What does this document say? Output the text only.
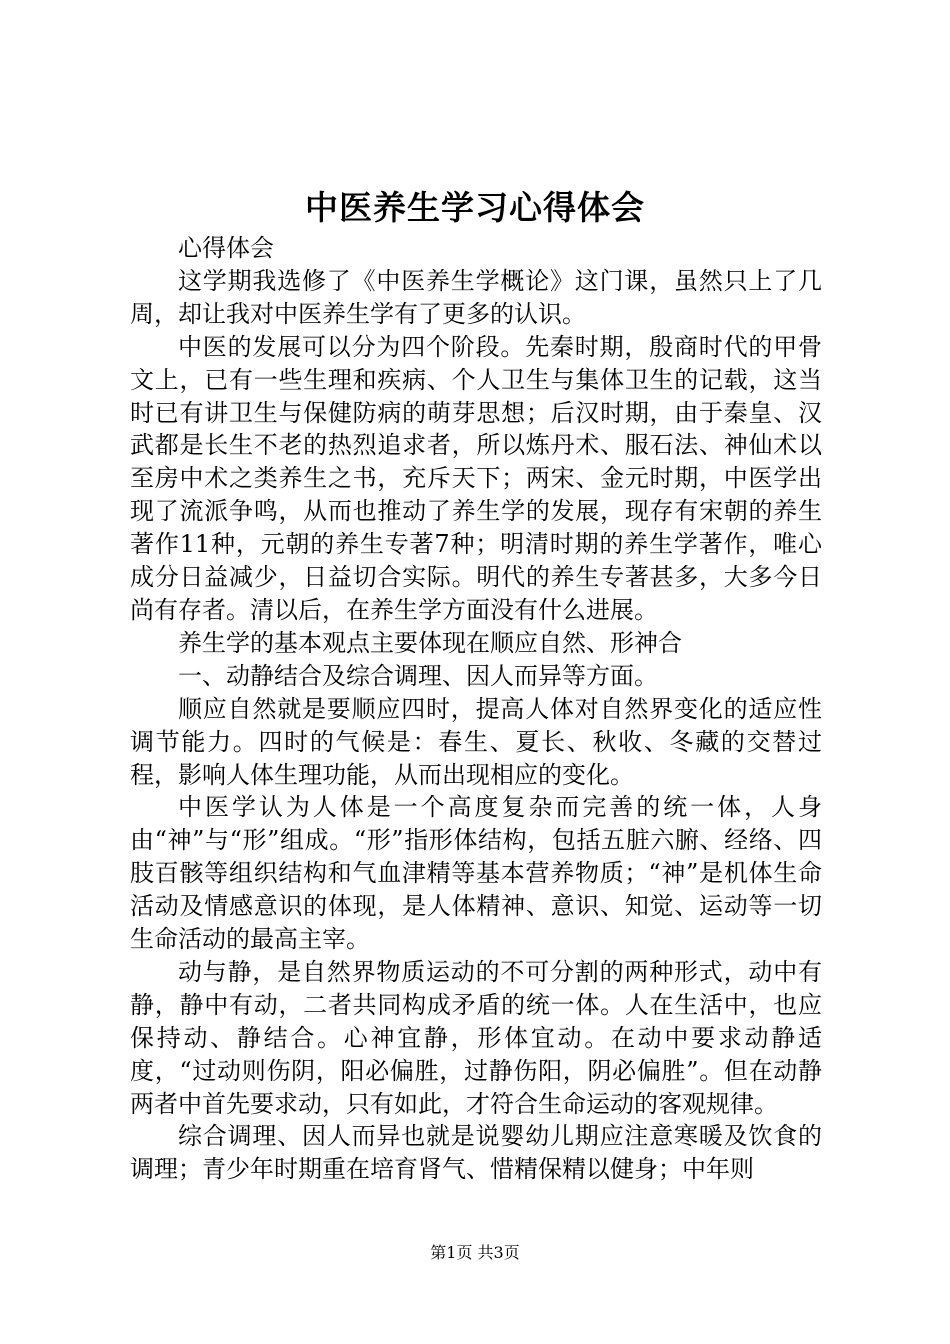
中医养生学习心得体会

心得体会

这学期我选修了《中医养生学概论》这门课，虽然只上了几周，却让我对中医养生学有了更多的认识。

中医的发展可以分为四个阶段。先秦时期，殷商时代的甲骨文上，已有一些生理和疾病、个人卫生与集体卫生的记载，这当时已有讲卫生与保健防病的萌芽思想；后汉时期，由于秦皇、汉武都是长生不老的热烈追求者，所以炼丹术、服石法、神仙术以至房中术之类养生之书，充斥天下；两宋、金元时期，中医学出现了流派争鸣，从而也推动了养生学的发展，现存有宋朝的养生著作11种，元朝的养生专著7种；明清时期的养生学著作，唯心成分日益减少，日益切合实际。明代的养生专著甚多，大多今日尚有存者。清以后，在养生学方面没有什么进展。

养生学的基本观点主要体现在顺应自然、形神合

一、动静结合及综合调理、因人而异等方面。

顺应自然就是要顺应四时，提高人体对自然界变化的适应性调节能力。四时的气候是：春生、夏长、秋收、冬藏的交替过程，影响人体生理功能，从而出现相应的变化。

中医学认为人体是一个高度复杂而完善的统一体，人身由“神”与“形”组成。“形”指形体结构，包括五脏六腑、经络、四肢百骸等组织结构和气血津精等基本营养物质；“神”是机体生命活动及情感意识的体现，是人体精神、意识、知觉、运动等一切生命活动的最高主宰。

动与静，是自然界物质运动的不可分割的两种形式，动中有静，静中有动，二者共同构成矛盾的统一体。人在生活中，也应保持动、静结合。心神宜静，形体宜动。在动中要求动静适度，“过动则伤阴，阳必偏胜，过静伤阳，阴必偏胜”。但在动静两者中首先要求动，只有如此，才符合生命运动的客观规律。

综合调理、因人而异也就是说婴幼儿期应注意寒暖及饮食的调理；青少年时期重在培育肾气、惜精保精以健身；中年则

第1页 共3页
